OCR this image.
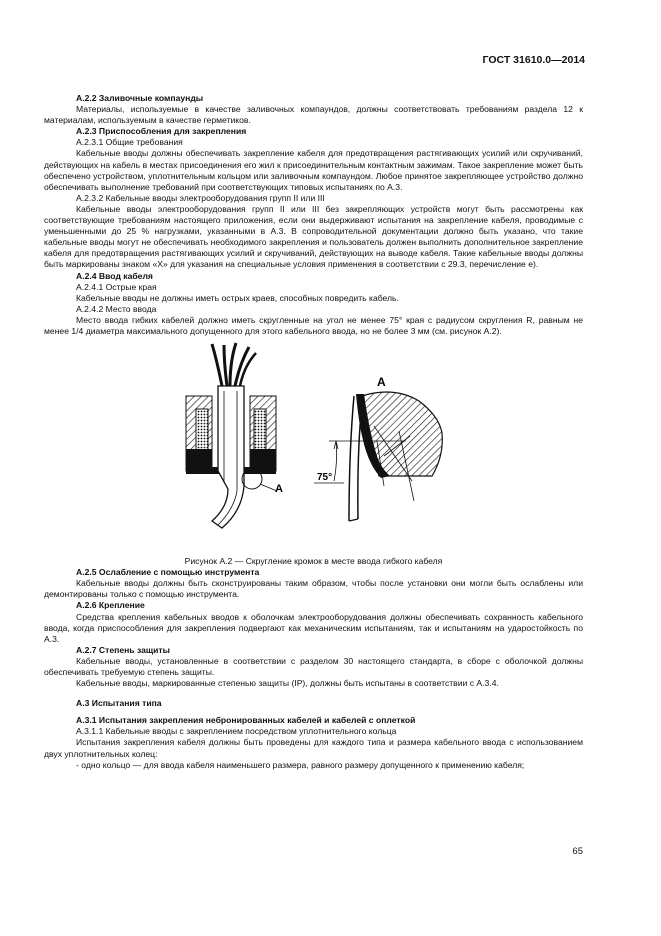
ГОСТ 31610.0—2014

А.2.2 Заливочные компаунды

Материалы, используемые в качестве заливочных компаундов, должны соответствовать требованиям раздела 12 к материалам, используемым в качестве герметиков.

А.2.3 Приспособления для закрепления

А.2.3.1 Общие требования

Кабельные вводы должны обеспечивать закрепление кабеля для предотвращения растягивающих усилий или скручиваний, действующих на кабель в местах присоединения его жил к присоединительным контактным зажимам. Такое закрепление может быть обеспечено устройством, уплотнительным кольцом или заливочным компаундом. Любое принятое закрепляющее устройство должно обеспечивать выполнение требований при соответствующих типовых испытаниях по А.3.

А.2.3.2 Кабельные вводы электрооборудования групп II или III

Кабельные вводы электрооборудования групп II или III без закрепляющих устройств могут быть рассмотрены как соответствующие требованиям настоящего приложения, если они выдерживают испытания на закрепление кабеля, проводимые с уменьшенными до 25 % нагрузками, указанными в А.3. В сопроводительной документации должно быть указано, что такие кабельные вводы могут не обеспечивать необходимого закрепления и пользователь должен выполнить дополнительное закрепление кабеля для предотвращения растягивающих усилий и скручиваний, действующих на выводе кабеля. Такие кабельные вводы должны быть маркированы знаком «Х» для указания на специальные условия применения в соответствии с 29.3, перечисление е).

А.2.4 Ввод кабеля

А.2.4.1 Острые края

Кабельные вводы не должны иметь острых краев, способных повредить кабель.

А.2.4.2 Место ввода

Место ввода гибких кабелей должно иметь скругленные на угол не менее 75° края с радиусом скругления R, равным не менее 1/4 диаметра максимального допущенного для этого кабельного ввода, но не более 3 мм (см. рисунок А.2).

А
А
75°

Рисунок А.2 — Скругление кромок в месте ввода гибкого кабеля

А.2.5 Ослабление с помощью инструмента

Кабельные вводы должны быть сконструированы таким образом, чтобы после установки они могли быть ослаблены или демонтированы только с помощью инструмента.

А.2.6 Крепление

Средства крепления кабельных вводов к оболочкам электрооборудования должны обеспечивать сохранность кабельного ввода, когда приспособления для закрепления подвергают как механическим испытаниям, так и испытаниям на ударостойкость по А.3.

А.2.7 Степень защиты

Кабельные вводы, установленные в соответствии с разделом 30 настоящего стандарта, в сборе с оболочкой должны обеспечивать требуемую степень защиты.

Кабельные вводы, маркированные степенью защиты (IP), должны быть испытаны в соответствии с А.3.4.

А.3 Испытания типа

А.3.1 Испытания закрепления небронированных кабелей и кабелей с оплеткой

А.3.1.1 Кабельные вводы с закреплением посредством уплотнительного кольца

Испытания закрепления кабеля должны быть проведены для каждого типа и размера кабельного ввода с использованием двух уплотнительных колец:

- одно кольцо — для ввода кабеля наименьшего размера, равного размеру допущенного к применению кабеля;

65
